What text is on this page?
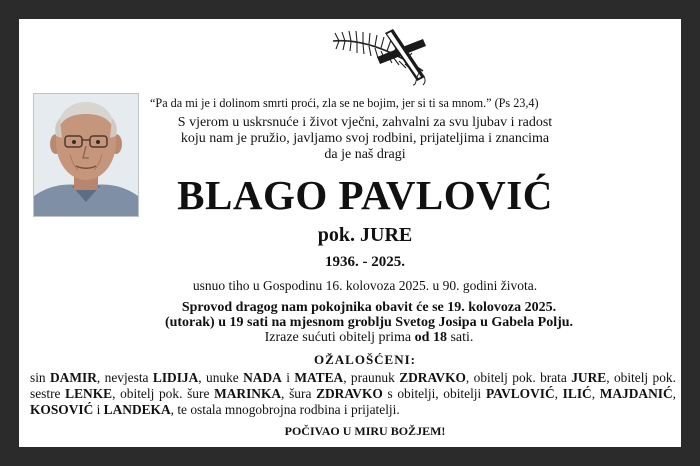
“Pa da mi je i dolinom smrti proći, zla se ne bojim, jer si ti sa mnom.” (Ps 23,4)
S vjerom u uskrsnuće i život vječni, zahvalni za svu ljubav i radost
koju nam je pružio, javljamo svoj rodbini, prijateljima i znancima
da je naš dragi
BLAGO PAVLOVIĆ
pok. JURE
1936. - 2025.
usnuo tiho u Gospodinu 16. kolovoza 2025. u 90. godini života.
Sprovod dragog nam pokojnika obavit će se 19. kolovoza 2025.
(utorak) u 19 sati na mjesnom groblju Svetog Josipa u Gabela Polju.
Izraze sućuti obitelj prima od 18 sati.
OŽALOŠĆENI:
sin DAMIR, nevjesta LIDIJA, unuke NADA i MATEA, praunuk ZDRAVKO, obitelj pok. brata JURE, obitelj pok. sestre LENKE, obitelj pok. šure MARINKA, šura ZDRAVKO s obitelji, obitelji PAVLOVIĆ, ILIĆ, MAJDANIĆ, KOSOVIĆ i LANDEKA, te ostala mnogobrojna rodbina i prijatelji.
POČIVAO U MIRU BOŽJEM!
